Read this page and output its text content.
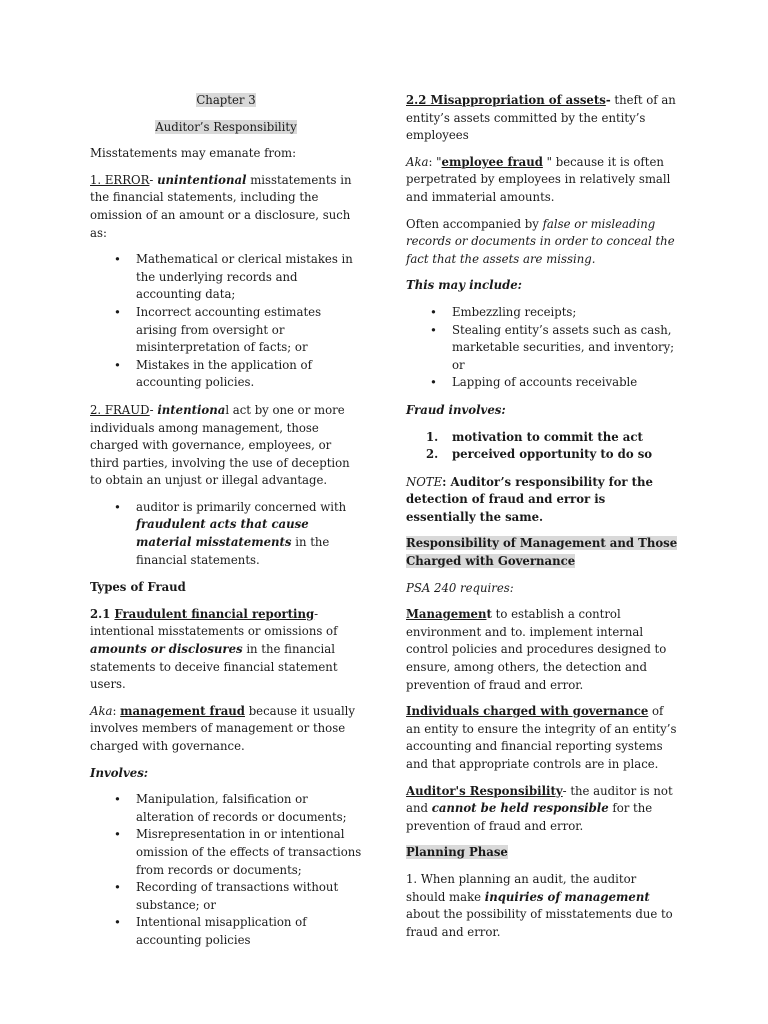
Chapter 3

Auditor’s Responsibility

Misstatements may emanate from:

1. ERROR- unintentional misstatements in the financial statements, including the omission of an amount or a disclosure, such as:

• Mathematical or clerical mistakes in the underlying records and accounting data;
• Incorrect accounting estimates arising from oversight or misinterpretation of facts; or
• Mistakes in the application of accounting policies.

2. FRAUD- intentional act by one or more individuals among management, those charged with governance, employees, or third parties, involving the use of deception to obtain an unjust or illegal advantage.

• auditor is primarily concerned with fraudulent acts that cause material misstatements in the financial statements.

Types of Fraud

2.1 Fraudulent financial reporting- intentional misstatements or omissions of amounts or disclosures in the financial statements to deceive financial statement users.

Aka: management fraud because it usually involves members of management or those charged with governance.

Involves:

• Manipulation, falsification or alteration of records or documents;
• Misrepresentation in or intentional omission of the effects of transactions from records or documents;
• Recording of transactions without substance; or
• Intentional misapplication of accounting policies

2.2 Misappropriation of assets- theft of an entity’s assets committed by the entity’s employees

Aka: "employee fraud " because it is often perpetrated by employees in relatively small and immaterial amounts.

Often accompanied by false or misleading records or documents in order to conceal the fact that the assets are missing.

This may include:

• Embezzling receipts;
• Stealing entity’s assets such as cash, marketable securities, and inventory; or
• Lapping of accounts receivable

Fraud involves:

1. motivation to commit the act
2. perceived opportunity to do so

NOTE: Auditor’s responsibility for the detection of fraud and error is essentially the same.

Responsibility of Management and Those
Charged with Governance

PSA 240 requires:

Management to establish a control environment and to. implement internal control policies and procedures designed to ensure, among others, the detection and prevention of fraud and error.

Individuals charged with governance of an entity to ensure the integrity of an entity’s accounting and financial reporting systems and that appropriate controls are in place.

Auditor's Responsibility- the auditor is not and cannot be held responsible for the prevention of fraud and error.

Planning Phase

1. When planning an audit, the auditor should make inquiries of management about the possibility of misstatements due to fraud and error.
